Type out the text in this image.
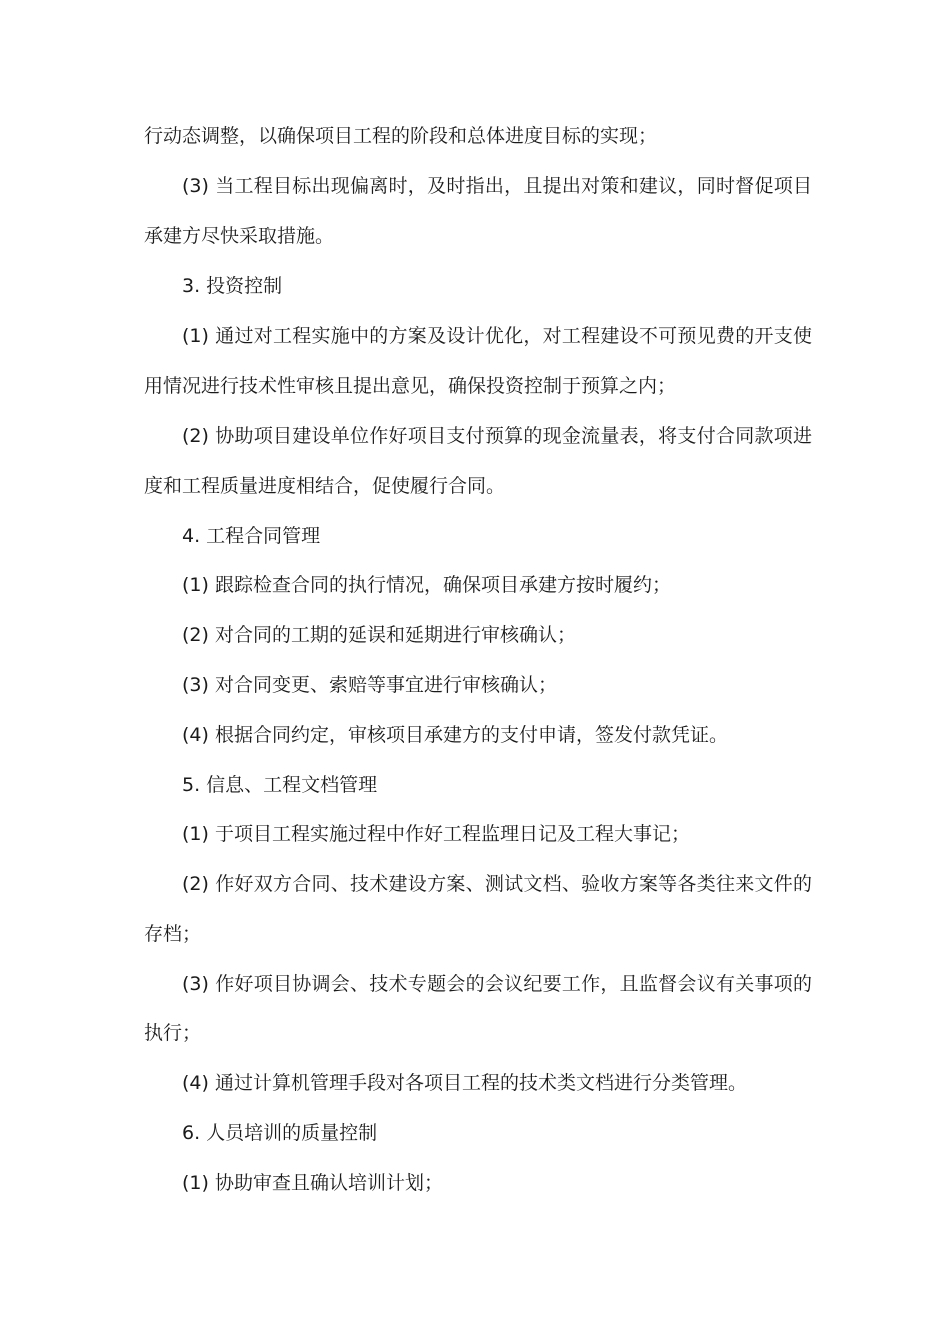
行动态调整，以确保项目工程的阶段和总体进度目标的实现；
(3) 当工程目标出现偏离时，及时指出，且提出对策和建议，同时督促项目
承建方尽快采取措施。
3. 投资控制
(1) 通过对工程实施中的方案及设计优化，对工程建设不可预见费的开支使
用情况进行技术性审核且提出意见，确保投资控制于预算之内；
(2) 协助项目建设单位作好项目支付预算的现金流量表，将支付合同款项进
度和工程质量进度相结合，促使履行合同。
4. 工程合同管理
(1) 跟踪检查合同的执行情况，确保项目承建方按时履约；
(2) 对合同的工期的延误和延期进行审核确认；
(3) 对合同变更、索赔等事宜进行审核确认；
(4) 根据合同约定，审核项目承建方的支付申请，签发付款凭证。
5. 信息、工程文档管理
(1) 于项目工程实施过程中作好工程监理日记及工程大事记；
(2) 作好双方合同、技术建设方案、测试文档、验收方案等各类往来文件的
存档；
(3) 作好项目协调会、技术专题会的会议纪要工作，且监督会议有关事项的
执行；
(4) 通过计算机管理手段对各项目工程的技术类文档进行分类管理。
6. 人员培训的质量控制
(1) 协助审查且确认培训计划；
